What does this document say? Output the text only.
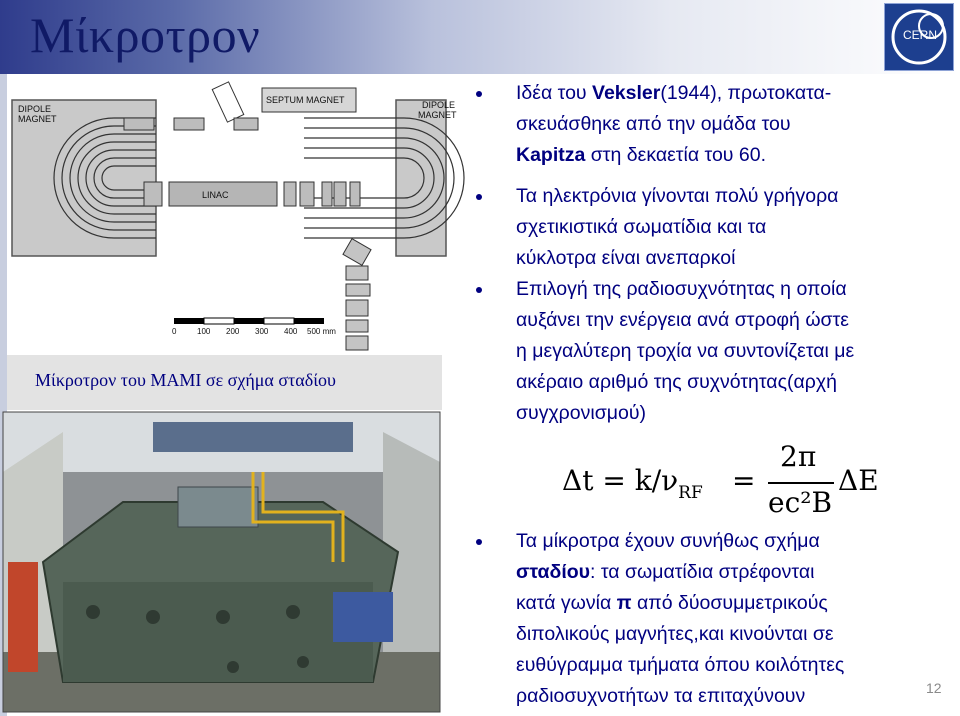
Μίκροτρον	CERN
DIPOLE
MAGNET
DIPOLE
MAGNET
SEPTUM MAGNET
LINAC
0	100 200 300 400 500 mm
Μίκροτρον του ΜΑΜΙ σε σχήμα σταδίου
Ιδέα του Veksler(1944), πρωτοκατα-
σκευάσθηκε από την ομάδα του
Kapitza στη δεκαετία του 60.
Τα ηλεκτρόνια γίνονται πολύ γρήγορα
σχετικιστικά σωματίδια και τα
κύκλοτρα είναι ανεπαρκοί
Επιλογή της ραδιοσυχνότητας η οποία
αυξάνει την ενέργεια ανά στροφή ώστε
η μεγαλύτερη τροχία να συντονίζεται με
ακέραιο αριθμό της συχνότητας(αρχή
συγχρονισμού)
Τα μίκροτρα έχουν συνήθως σχήμα
σταδίου: τα σωματίδια στρέφονται
κατά γωνία π από δύοσυμμετρικούς
διπολικούς μαγνήτες,και κινούνται σε
ευθύγραμμα τμήματα όπου κοιλότητες
ραδιοσυχνοτήτων τα επιταχύνουν
$\Delta t = k/\nu_{RF}$ =
2π
ec²B
ΔE
12
